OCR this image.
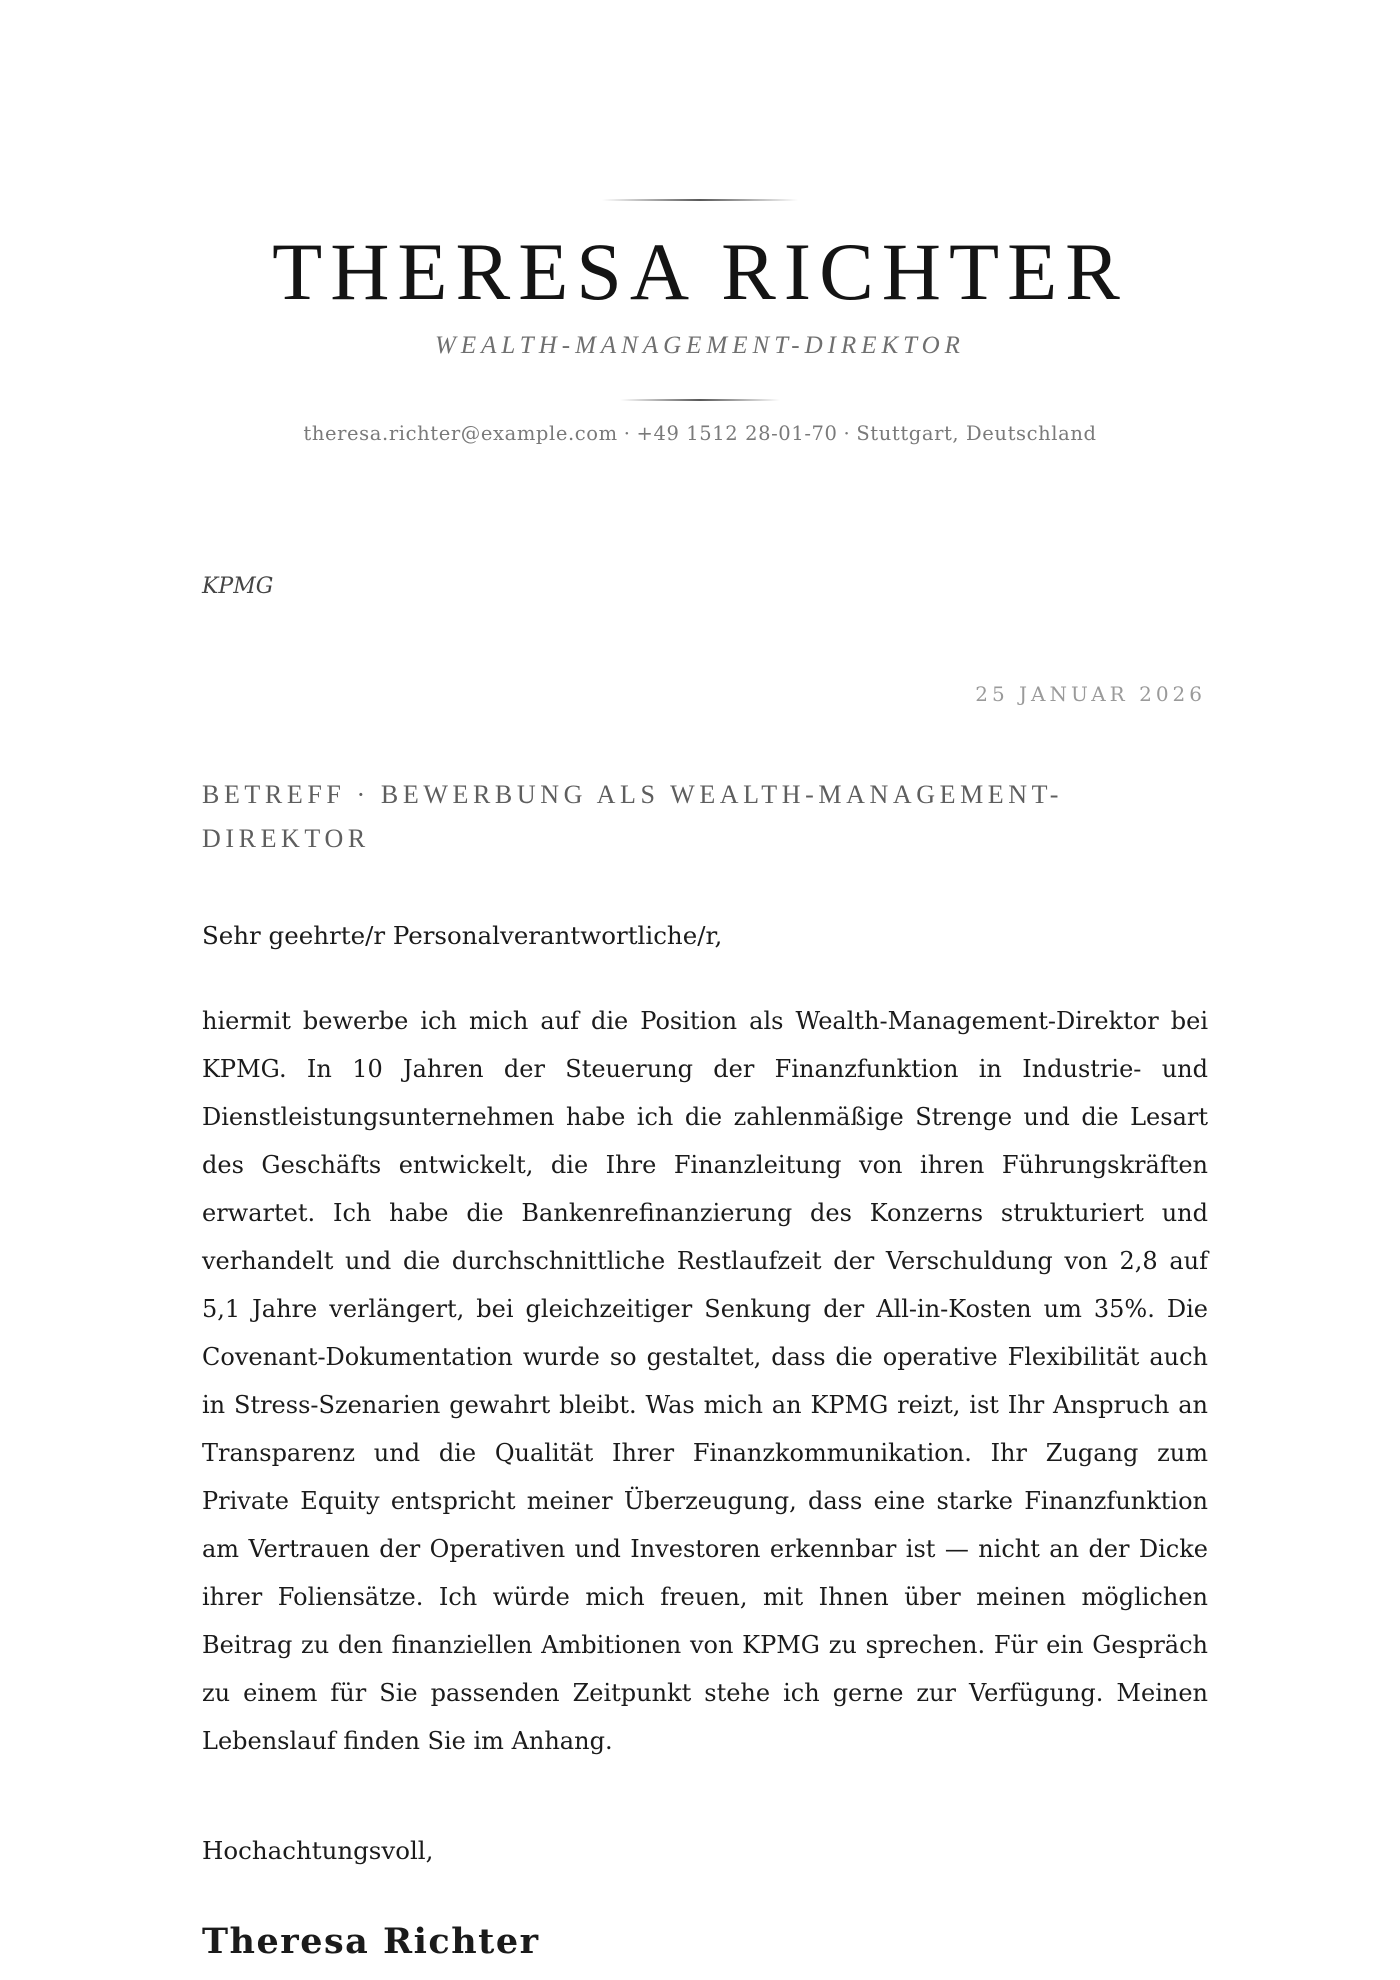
THERESA RICHTER
WEALTH-MANAGEMENT-DIREKTOR
theresa.richter@example.com · +49 1512 28-01-70 · Stuttgart, Deutschland
KPMG
25 JANUAR 2026
BETREFF · BEWERBUNG ALS WEALTH-MANAGEMENT-DIREKTOR
Sehr geehrte/r Personalverantwortliche/r,

hiermit bewerbe ich mich auf die Position als Wealth-Management-Direktor bei KPMG. In 10 Jahren der Steuerung der Finanzfunktion in Industrie- und Dienstleistungsunternehmen habe ich die zahlenmäßige Strenge und die Lesart des Geschäfts entwickelt, die Ihre Finanzleitung von ihren Führungskräften erwartet. Ich habe die Bankenrefinanzierung des Konzerns strukturiert und verhandelt und die durchschnittliche Restlaufzeit der Verschuldung von 2,8 auf 5,1 Jahre verlängert, bei gleichzeitiger Senkung der All-in-Kosten um 35%. Die Covenant-Dokumentation wurde so gestaltet, dass die operative Flexibilität auch in Stress-Szenarien gewahrt bleibt. Was mich an KPMG reizt, ist Ihr Anspruch an Transparenz und die Qualität Ihrer Finanzkommunikation. Ihr Zugang zum Private Equity entspricht meiner Überzeugung, dass eine starke Finanzfunktion am Vertrauen der Operativen und Investoren erkennbar ist — nicht an der Dicke ihrer Foliensätze. Ich würde mich freuen, mit Ihnen über meinen möglichen Beitrag zu den finanziellen Ambitionen von KPMG zu sprechen. Für ein Gespräch zu einem für Sie passenden Zeitpunkt stehe ich gerne zur Verfügung. Meinen Lebenslauf finden Sie im Anhang.

Hochachtungsvoll,
Theresa Richter
